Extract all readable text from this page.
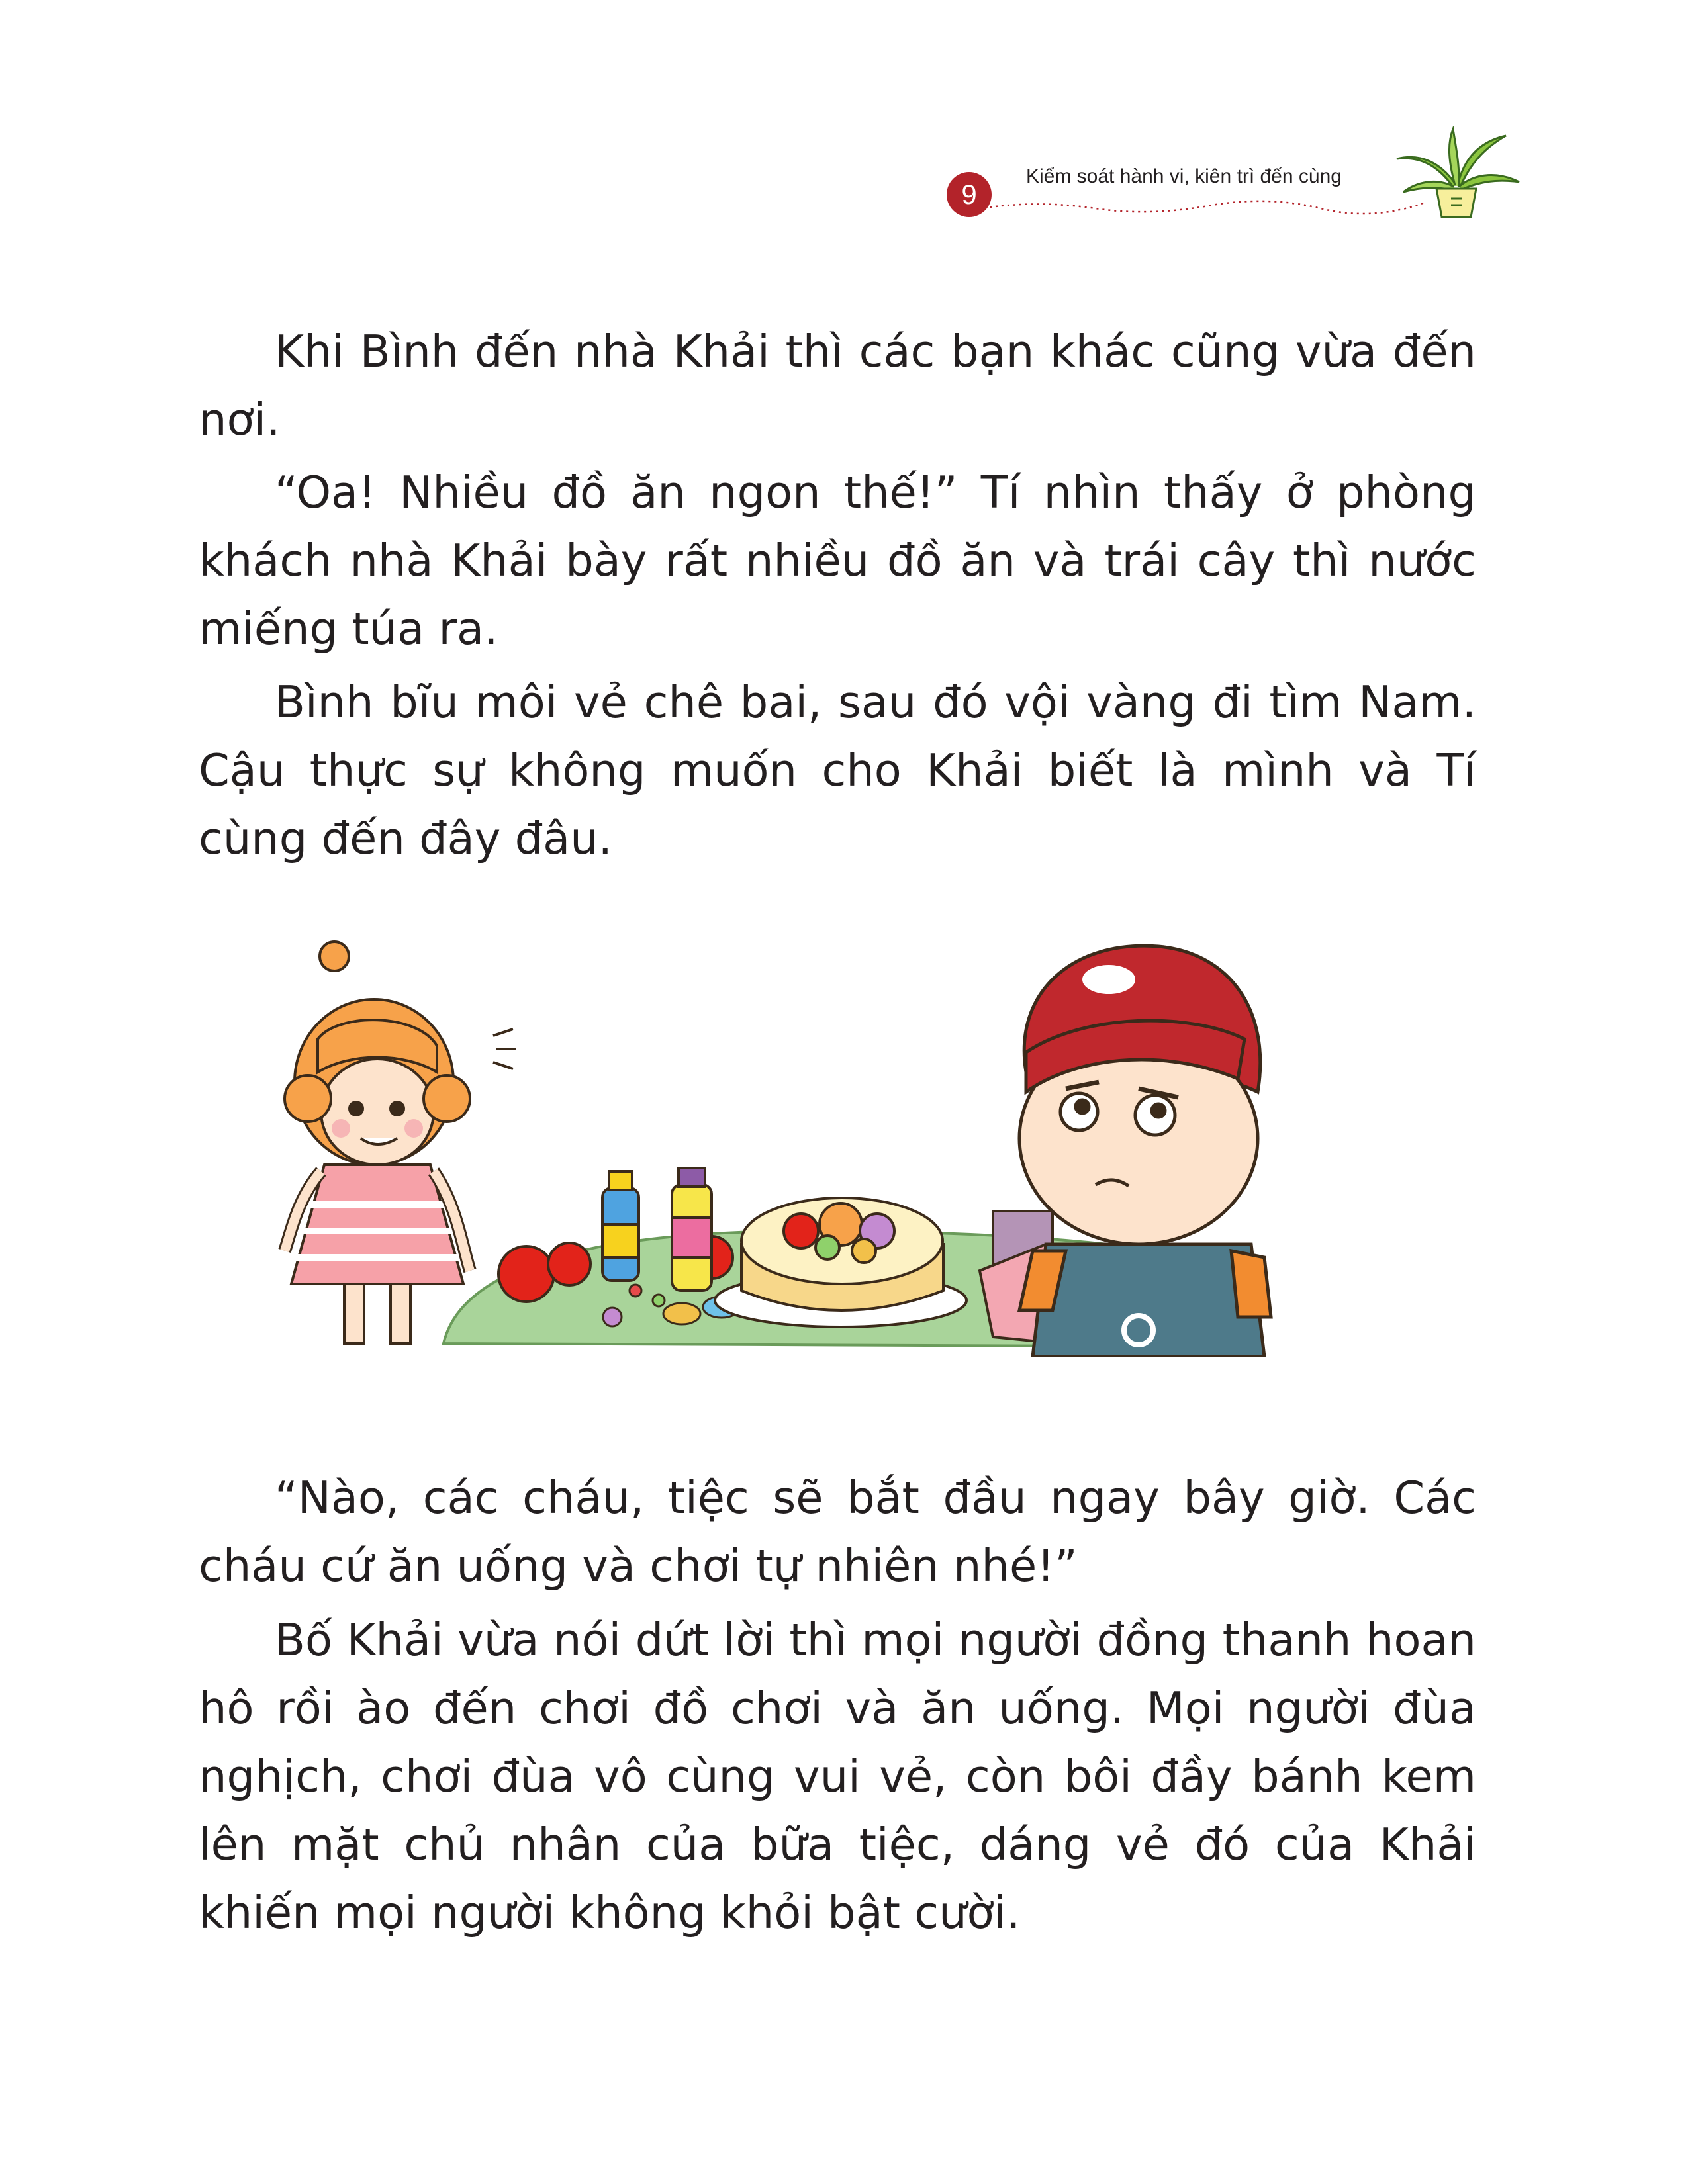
9
Kiểm soát hành vi, kiên trì đến cùng

Khi Bình đến nhà Khải thì các bạn khác cũng vừa đến nơi.

“Oa! Nhiều đồ ăn ngon thế!” Tí nhìn thấy ở phòng khách nhà Khải bày rất nhiều đồ ăn và trái cây thì nước miếng túa ra.

Bình bĩu môi vẻ chê bai, sau đó vội vàng đi tìm Nam. Cậu thực sự không muốn cho Khải biết là mình và Tí cùng đến đây đâu.

“Nào, các cháu, tiệc sẽ bắt đầu ngay bây giờ. Các cháu cứ ăn uống và chơi tự nhiên nhé!”

Bố Khải vừa nói dứt lời thì mọi người đồng thanh hoan hô rồi ào đến chơi đồ chơi và ăn uống. Mọi người đùa nghịch, chơi đùa vô cùng vui vẻ, còn bôi đầy bánh kem lên mặt chủ nhân của bữa tiệc, dáng vẻ đó của Khải khiến mọi người không khỏi bật cười.
